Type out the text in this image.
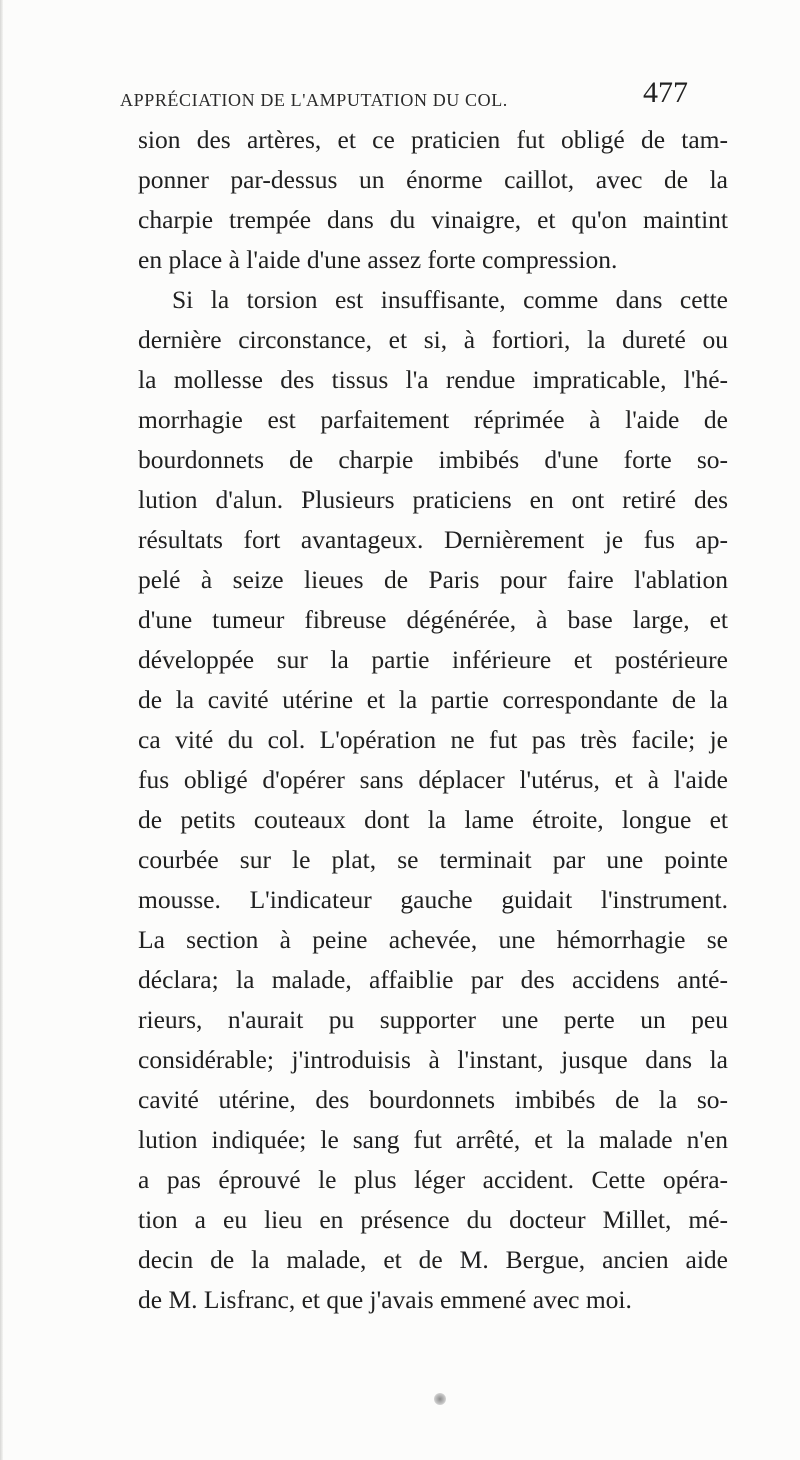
APPRÉCIATION DE L'AMPUTATION DU COL.	477
sion des artères, et ce praticien fut obligé de tam-
ponner par-dessus un énorme caillot, avec de la
charpie trempée dans du vinaigre, et qu'on maintint
en place à l'aide d'une assez forte compression.
Si la torsion est insuffisante, comme dans cette
dernière circonstance, et si, à fortiori, la dureté ou
la mollesse des tissus l'a rendue impraticable, l'hé-
morrhagie est parfaitement réprimée à l'aide de
bourdonnets de charpie imbibés d'une forte so-
lution d'alun. Plusieurs praticiens en ont retiré des
résultats fort avantageux. Dernièrement je fus ap-
pelé à seize lieues de Paris pour faire l'ablation
d'une tumeur fibreuse dégénérée, à base large, et
développée sur la partie inférieure et postérieure
de la cavité utérine et la partie correspondante de la
ca vité du col. L'opération ne fut pas très facile; je
fus obligé d'opérer sans déplacer l'utérus, et à l'aide
de petits couteaux dont la lame étroite, longue et
courbée sur le plat, se terminait par une pointe
mousse. L'indicateur gauche guidait l'instrument.
La section à peine achevée, une hémorrhagie se
déclara; la malade, affaiblie par des accidens anté-
rieurs, n'aurait pu supporter une perte un peu
considérable; j'introduisis à l'instant, jusque dans la
cavité utérine, des bourdonnets imbibés de la so-
lution indiquée; le sang fut arrêté, et la malade n'en
a pas éprouvé le plus léger accident. Cette opéra-
tion a eu lieu en présence du docteur Millet, mé-
decin de la malade, et de M. Bergue, ancien aide
de M. Lisfranc, et que j'avais emmené avec moi.
